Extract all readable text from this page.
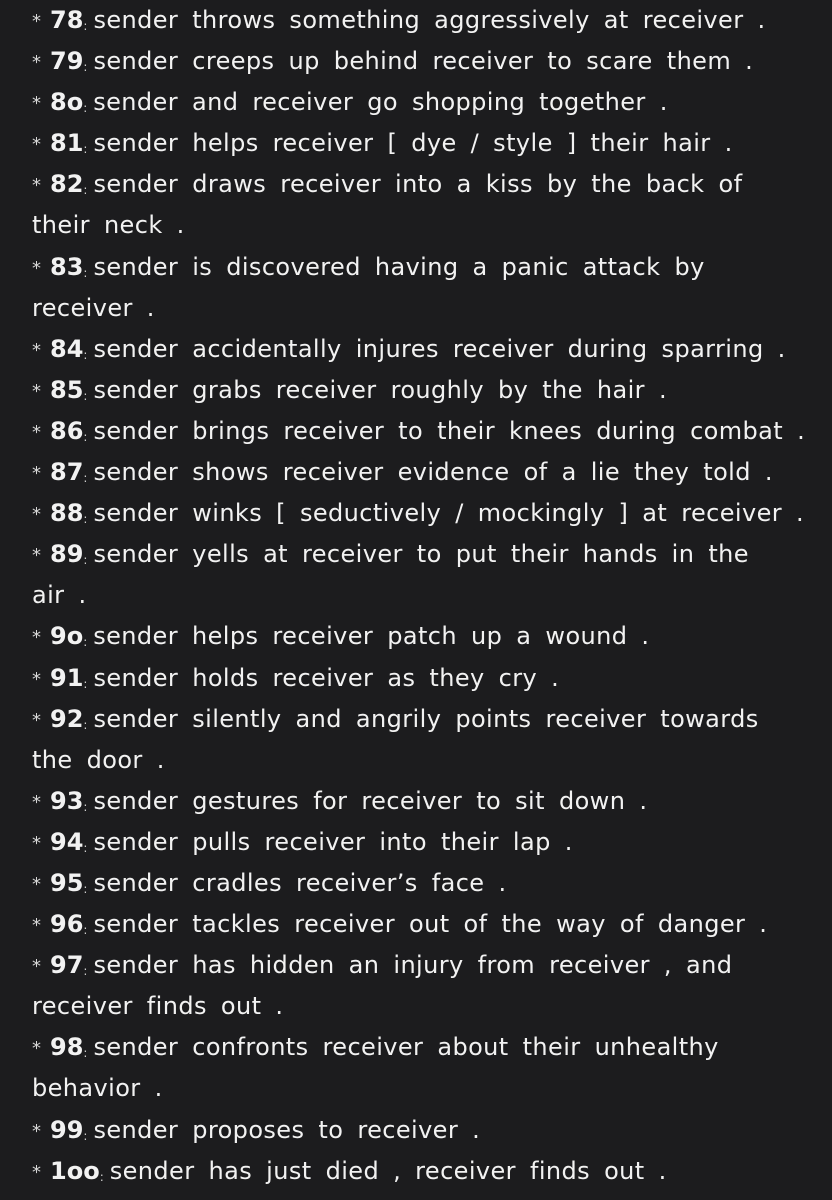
* 78: sender throws something aggressively at receiver .
* 79: sender creeps up behind receiver to scare them .
* 8o: sender and receiver go shopping together .
* 81: sender helps receiver [ dye / style ] their hair .
* 82: sender draws receiver into a kiss by the back of
their neck .
* 83: sender is discovered having a panic attack by
receiver .
* 84: sender accidentally injures receiver during sparring .
* 85: sender grabs receiver roughly by the hair .
* 86: sender brings receiver to their knees during combat .
* 87: sender shows receiver evidence of a lie they told .
* 88: sender winks [ seductively / mockingly ] at receiver .
* 89: sender yells at receiver to put their hands in the
air .
* 9o: sender helps receiver patch up a wound .
* 91: sender holds receiver as they cry .
* 92: sender silently and angrily points receiver towards
the door .
* 93: sender gestures for receiver to sit down .
* 94: sender pulls receiver into their lap .
* 95: sender cradles receiver’s face .
* 96: sender tackles receiver out of the way of danger .
* 97: sender has hidden an injury from receiver , and
receiver finds out .
* 98: sender confronts receiver about their unhealthy
behavior .
* 99: sender proposes to receiver .
* 1oo: sender has just died , receiver finds out .
